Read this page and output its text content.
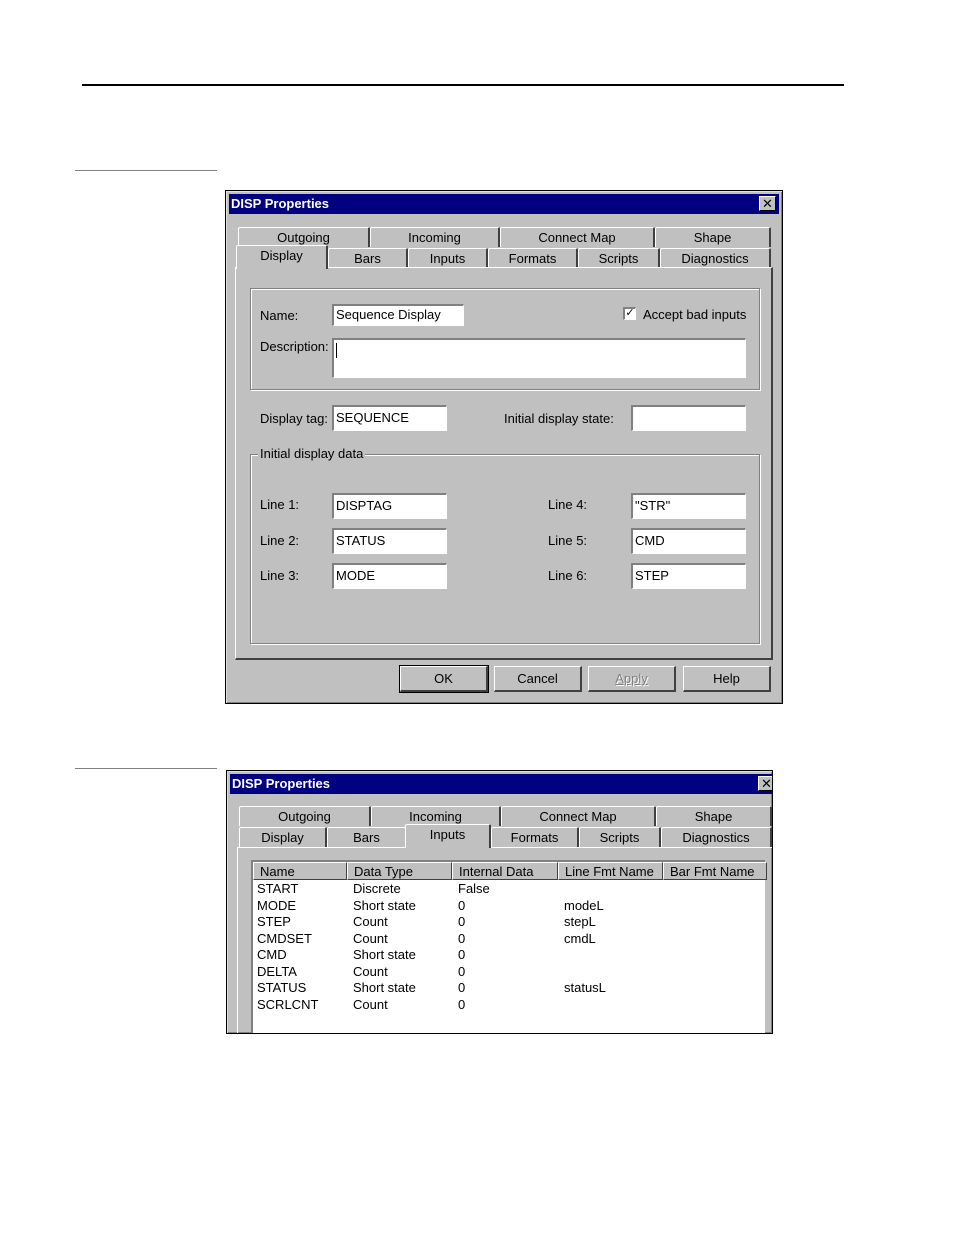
DISP Properties	✕
Outgoing	Incoming	Connect Map	Shape
Display	Bars	Inputs	Formats	Scripts	Diagnostics
Name:	Sequence Display	✓ Accept bad inputs
Description:
Display tag: SEQUENCE	Initial display state:
Initial display data
Line 1:	DISPTAG
Line 2:	STATUS
Line 3:	MODE
Line 4:	"STR"
Line 5:	CMD
Line 6:	STEP
OK	Cancel	Apply	Help
DISP Properties	✕
Outgoing	Incoming	Connect Map	Shape
Display	Bars	Inputs	Formats	Scripts	Diagnostics
Name	Data Type	Internal Data	Line Fmt Name	Bar Fmt Name
START	Discrete	False
MODE	Short state	0	modeL
STEP	Count	0	stepL
CMDSET	Count	0	cmdL
CMD	Short state	0
DELTA	Count	0
STATUS	Short state	0	statusL
SCRLCNT	Count	0
